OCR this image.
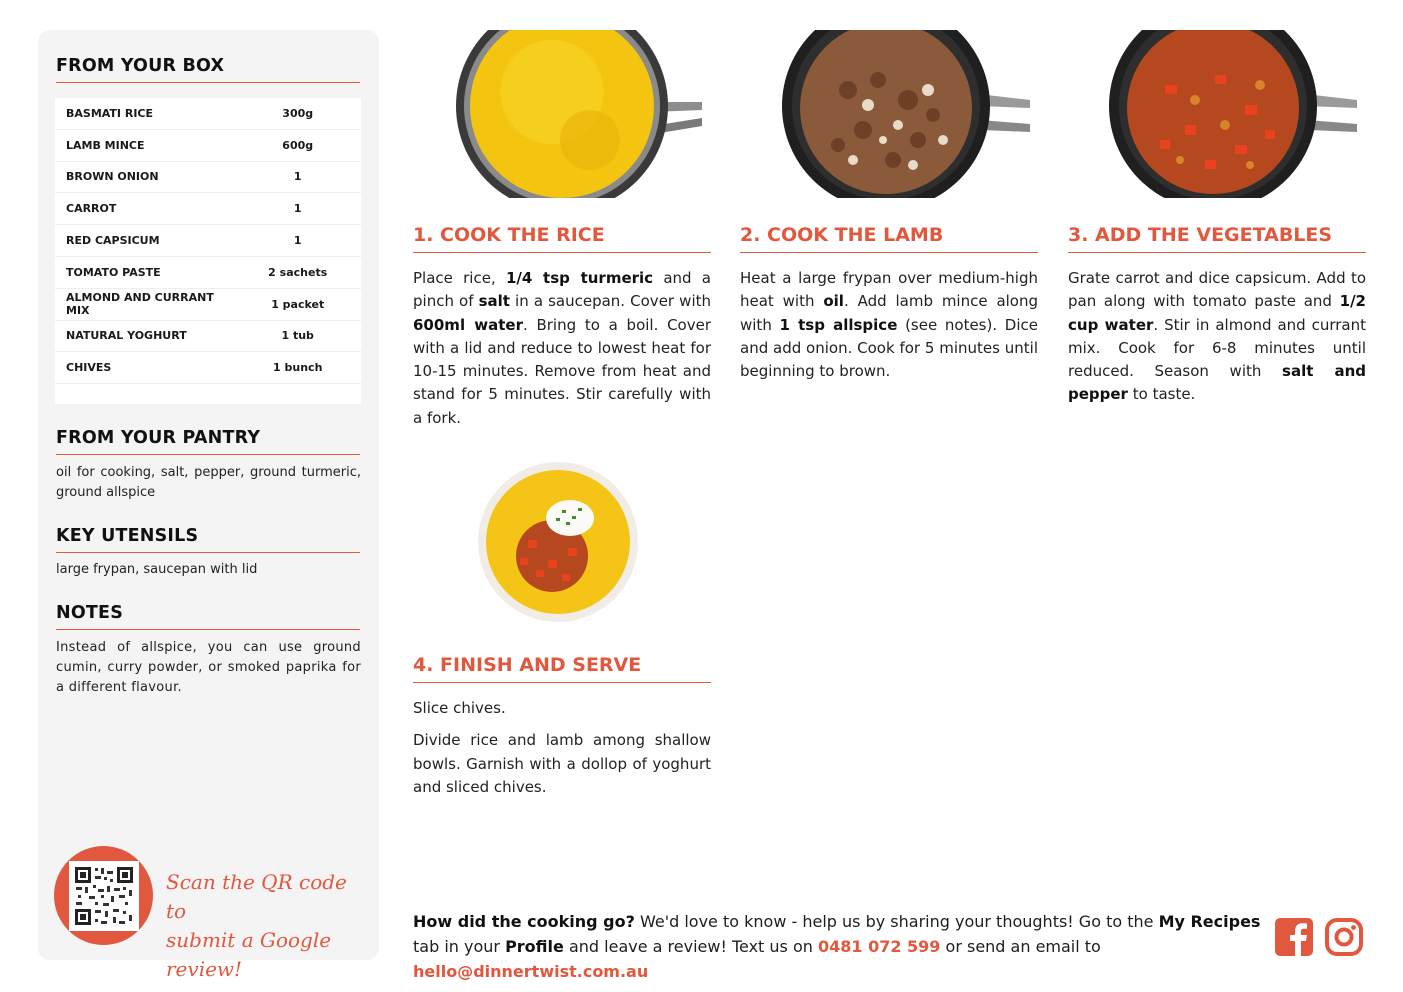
FROM YOUR BOX
BASMATI RICE	300g
LAMB MINCE	600g
BROWN ONION	1
CARROT	1
RED CAPSICUM	1
TOMATO PASTE	2 sachets
ALMOND AND CURRANT MIX	1 packet
NATURAL YOGHURT	1 tub
CHIVES	1 bunch
FROM YOUR PANTRY

oil for cooking, salt, pepper, ground turmeric, ground allspice

KEY UTENSILS

large frypan, saucepan with lid

NOTES

Instead of allspice, you can use ground cumin, curry powder, or smoked paprika for a different flavour.

Scan the QR code to
submit a Google review!
1. COOK THE RICE

Place rice, 1/4 tsp turmeric and a pinch of salt in a saucepan. Cover with 600ml water. Bring to a boil. Cover with a lid and reduce to lowest heat for 10-15 minutes. Remove from heat and stand for 5 minutes. Stir carefully with a fork.

2. COOK THE LAMB

Heat a large frypan over medium-high heat with oil. Add lamb mince along with 1 tsp allspice (see notes). Dice and add onion. Cook for 5 minutes until beginning to brown.

3. ADD THE VEGETABLES

Grate carrot and dice capsicum. Add to pan along with tomato paste and 1/2 cup water. Stir in almond and currant mix. Cook for 6-8 minutes until reduced. Season with salt and pepper to taste.

4. FINISH AND SERVE

Slice chives.

Divide rice and lamb among shallow bowls. Garnish with a dollop of yoghurt and sliced chives.

How did the cooking go? We'd love to know - help us by sharing your thoughts! Go to the My Recipes tab in your Profile and leave a review! Text us on 0481 072 599 or send an email to hello@dinnertwist.com.au
